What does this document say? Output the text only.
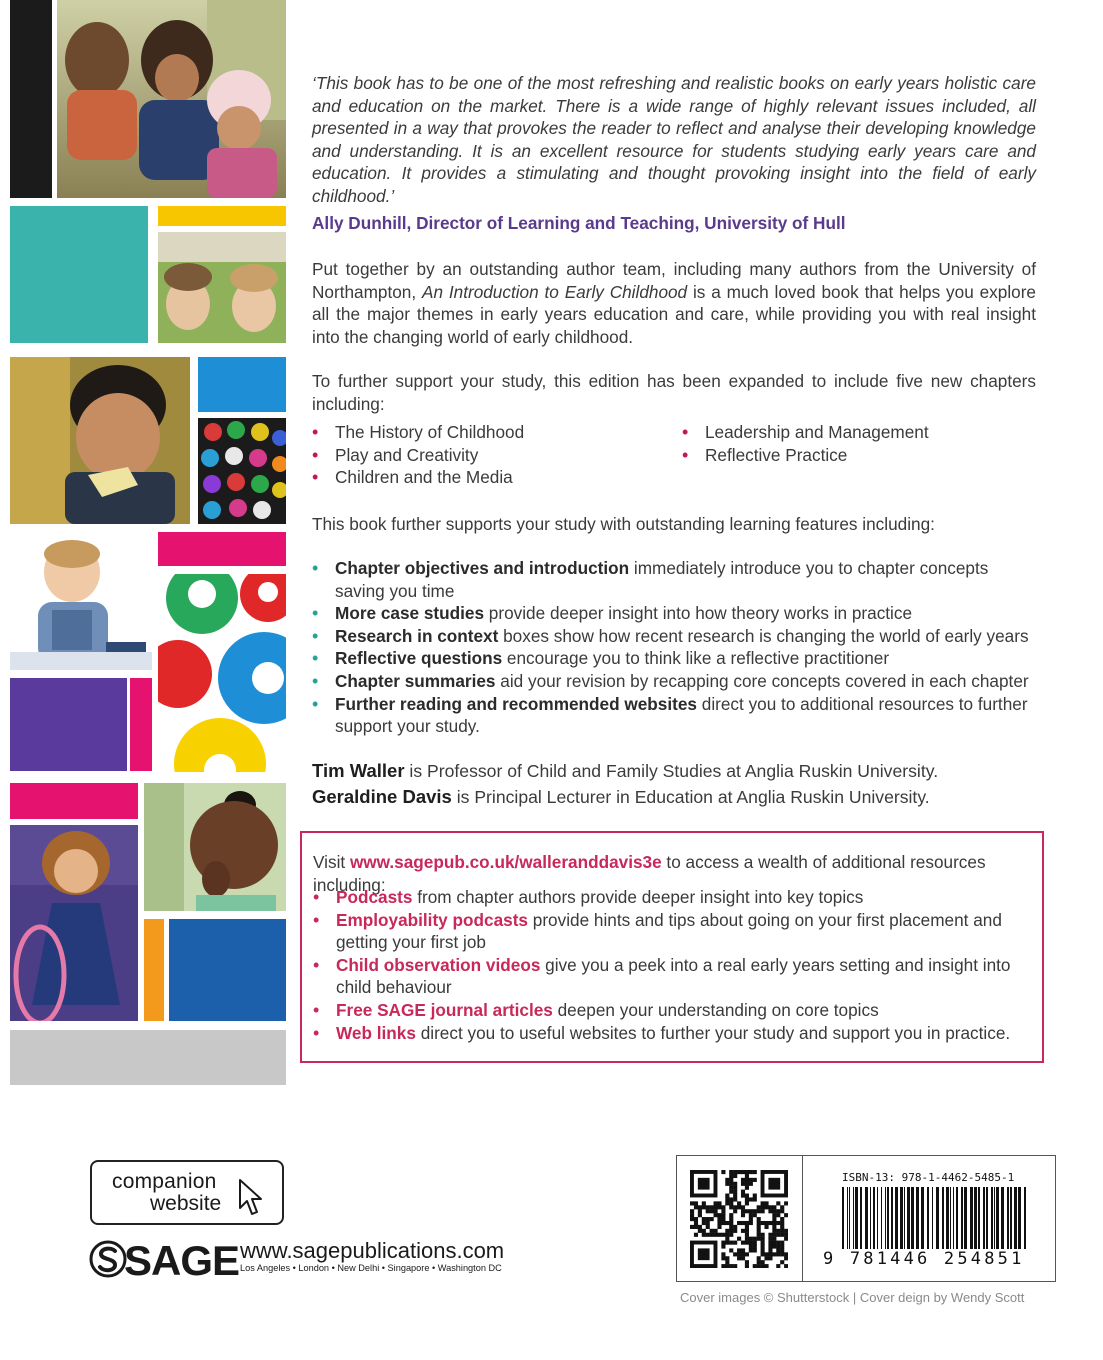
‘This book has to be one of the most refreshing and realistic books on early years holistic care and education on the market. There is a wide range of highly relevant issues included, all presented in a way that provokes the reader to reflect and analyse their developing knowledge and understanding. It is an excellent resource for students studying early years care and education. It provides a stimulating and thought provoking insight into the field of early childhood.’
Ally Dunhill, Director of Learning and Teaching, University of Hull
Put together by an outstanding author team, including many authors from the University of Northampton, An Introduction to Early Childhood is a much loved book that helps you explore all the major themes in early years education and care, while providing you with real insight into the changing world of early childhood.
To further support your study, this edition has been expanded to include five new chapters including:
• The History of Childhood
• Play and Creativity
• Children and the Media
• Leadership and Management
• Reflective Practice
This book further supports your study with outstanding learning features including:
• Chapter objectives and introduction immediately introduce you to chapter concepts saving you time
• More case studies provide deeper insight into how theory works in practice
• Research in context boxes show how recent research is changing the world of early years
• Reflective questions encourage you to think like a reflective practitioner
• Chapter summaries aid your revision by recapping core concepts covered in each chapter
• Further reading and recommended websites direct you to additional resources to further support your study.
Tim Waller is Professor of Child and Family Studies at Anglia Ruskin University.
Geraldine Davis is Principal Lecturer in Education at Anglia Ruskin University.
Visit www.sagepub.co.uk/walleranddavis3e to access a wealth of additional resources including:
• Podcasts from chapter authors provide deeper insight into key topics
• Employability podcasts provide hints and tips about going on your first placement and getting your first job
• Child observation videos give you a peek into a real early years setting and insight into child behaviour
• Free SAGE journal articles deepen your understanding on core topics
• Web links direct you to useful websites to further your study and support you in practice.
companion
website
SAGE www.sagepublications.com
Los Angeles • London • New Delhi • Singapore • Washington DC
ISBN-13: 978-1-4462-5485-1
9 781446 254851
Cover images © Shutterstock | Cover deign by Wendy Scott
